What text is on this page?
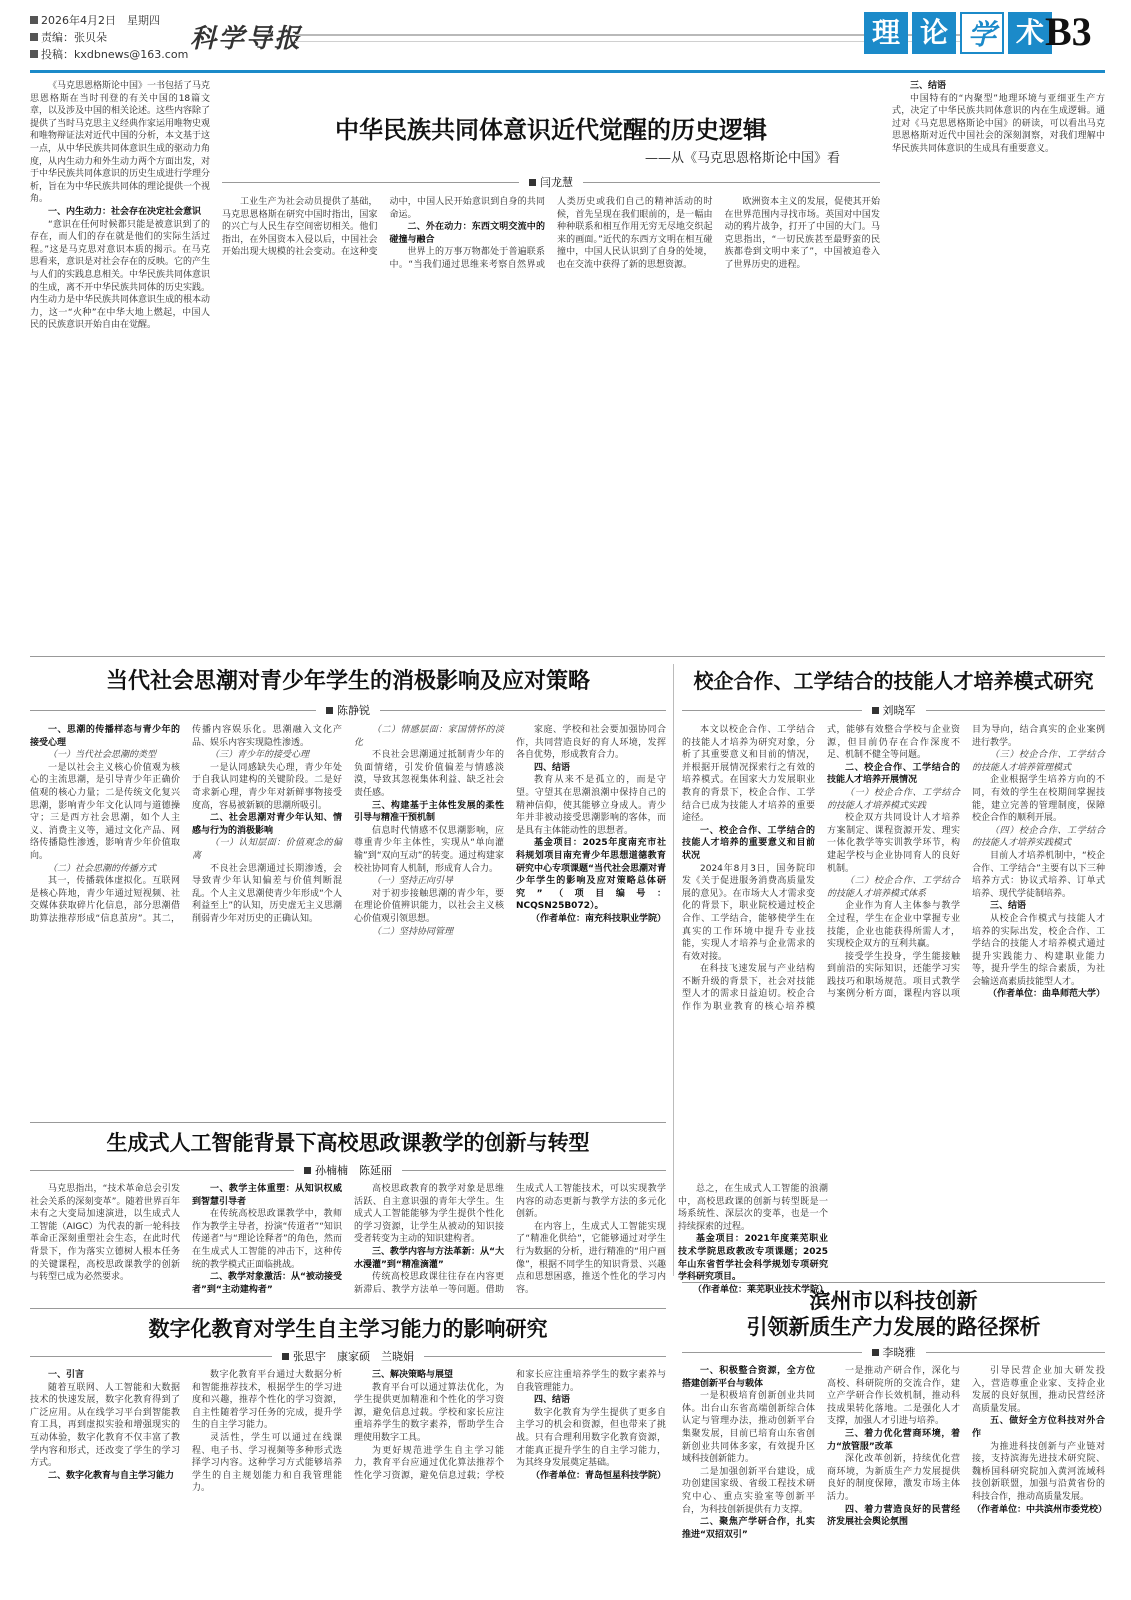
2026年4月2日　星期四
责编：张贝朵
投稿：kxdbnews@163.com
科学导报	理 论 学 术 B3

《马克思恩格斯论中国》一书包括了马克思恩格斯在当时刊登的有关中国的18篇文章，以及涉及中国的相关论述。这些内容除了提供了当时马克思主义经典作家运用唯物史观和唯物辩证法对近代中国的分析，本文基于这一点，从中华民族共同体意识生成的驱动力角度，从内生动力和外生动力两个方面出发，对于中华民族共同体意识的历史生成进行学理分析，旨在为中华民族共同体的理论提供一个视角。

一、内生动力：社会存在决定社会意识

“意识在任何时候都只能是被意识到了的存在，而人们的存在就是他们的实际生活过程。”这是马克思对意识本质的揭示。在马克思看来，意识是对社会存在的反映。它的产生与人们的实践息息相关。中华民族共同体意识的生成，离不开中华民族共同体的历史实践。内生动力是中华民族共同体意识生成的根本动力，这一“火种”在中华大地上燃起，中国人民的民族意识开始自由在觉醒。

中华民族共同体意识近代觉醒的历史逻辑
——从《马克思恩格斯论中国》看
闫龙慧

工业生产为社会动员提供了基础，马克思恩格斯在研究中国时指出，国家的兴亡与人民生存空间密切相关。他们指出，在外国资本入侵以后，中国社会开始出现大规模的社会变动。在这种变动中，中国人民开始意识到自身的共同命运。

二、外在动力：东西文明交流中的碰撞与融合

世界上的万事万物都处于普遍联系中。“当我们通过思维来考察自然界或人类历史或我们自己的精神活动的时候，首先呈现在我们眼前的，是一幅由种种联系和相互作用无穷无尽地交织起来的画面。”近代的东西方文明在相互碰撞中，中国人民认识到了自身的处境，也在交流中获得了新的思想资源。

欧洲资本主义的发展，促使其开始在世界范围内寻找市场。英国对中国发动的鸦片战争，打开了中国的大门。马克思指出，“一切民族甚至最野蛮的民族都卷到文明中来了”，中国被迫卷入了世界历史的进程。

三、结语

中国特有的“内聚型”地理环境与亚细亚生产方式，决定了中华民族共同体意识的内在生成逻辑。通过对《马克思恩格斯论中国》的研读，可以看出马克思恩格斯对近代中国社会的深刻洞察，对我们理解中华民族共同体意识的生成具有重要意义。

当代社会思潮对青少年学生的消极影响及应对策略
陈静锐

一、思潮的传播样态与青少年的接受心理

（一）当代社会思潮的类型

一是以社会主义核心价值观为核心的主流思潮，是引导青少年正确价值观的核心力量；二是传统文化复兴思潮，影响青少年文化认同与道德操守；三是西方社会思潮，如个人主义、消费主义等，通过文化产品、网络传播隐性渗透，影响青少年价值取向。

（二）社会思潮的传播方式

其一，传播载体虚拟化。互联网是核心阵地，青少年通过短视频、社交媒体获取碎片化信息，部分思潮借助算法推荐形成“信息茧房”。其二，传播内容娱乐化。思潮融入文化产品、娱乐内容实现隐性渗透。

（三）青少年的接受心理

一是认同感缺失心理，青少年处于自我认同建构的关键阶段。二是好奇求新心理，青少年对新鲜事物接受度高，容易被新颖的思潮所吸引。

二、社会思潮对青少年认知、情感与行为的消极影响

（一）认知层面：价值观念的偏离

不良社会思潮通过长期渗透，会导致青少年认知偏差与价值判断混乱。个人主义思潮使青少年形成“个人利益至上”的认知，历史虚无主义思潮削弱青少年对历史的正确认知。

（二）情感层面：家国情怀的淡化

不良社会思潮通过抵制青少年的负面情绪，引发价值偏差与情感淡漠，导致其忽视集体利益、缺乏社会责任感。

三、构建基于主体性发展的柔性引导与精准干预机制

信息时代情感不仅思潮影响，应尊重青少年主体性，实现从“单向灌输”到“双向互动”的转变。通过构建家校社协同育人机制，形成育人合力。

（一）坚持正向引导

对于初步接触思潮的青少年，要在理论价值辨识能力，以社会主义核心价值观引领思想。

（二）坚持协同管理

家庭、学校和社会要加强协同合作，共同营造良好的育人环境，发挥各自优势，形成教育合力。

四、结语

教育从来不是孤立的，而是守望。守望其在思潮浪潮中保持自己的精神信仰，使其能够立身成人。青少年并非被动接受思潮影响的客体，而是具有主体能动性的思想者。

基金项目：2025年度南充市社科规划项目南充青少年思想道德教育研究中心专项课题“当代社会思潮对青少年学生的影响及应对策略总体研究”（项目编号：NCQSN25B072）。

（作者单位：南充科技职业学院）

校企合作、工学结合的技能人才培养模式研究
刘晓军

本文以校企合作、工学结合的技能人才培养为研究对象，分析了其重要意义和目前的情况，并根据开展情况探索行之有效的培养模式。在国家大力发展职业教育的背景下，校企合作、工学结合已成为技能人才培养的重要途径。

一、校企合作、工学结合的技能人才培养的重要意义和目前状况

2024年8月3日，国务院印发《关于促进服务消费高质量发展的意见》。在市场大人才需求变化的背景下，职业院校通过校企合作、工学结合，能够使学生在真实的工作环境中提升专业技能，实现人才培养与企业需求的有效对接。

在科技飞速发展与产业结构不断升级的背景下，社会对技能型人才的需求日益迫切。校企合作作为职业教育的核心培养模式，能够有效整合学校与企业资源，但目前仍存在合作深度不足、机制不健全等问题。

二、校企合作、工学结合的技能人才培养开展情况

（一）校企合作、工学结合的技能人才培养模式实践

校企双方共同设计人才培养方案制定、课程资源开发、理实一体化教学等实训教学环节，构建起学校与企业协同育人的良好机制。

（二）校企合作、工学结合的技能人才培养模式体系

企业作为育人主体参与教学全过程，学生在企业中掌握专业技能，企业也能获得所需人才，实现校企双方的互利共赢。

接受学生投身，学生能接触到前沿的实际知识，还能学习实践技巧和职场规范。项目式教学与案例分析方面，课程内容以项目为导向，结合真实的企业案例进行教学。

（三）校企合作、工学结合的技能人才培养管理模式

企业根据学生培养方向的不同，有效的学生在校期间掌握技能，建立完善的管理制度，保障校企合作的顺利开展。

（四）校企合作、工学结合的技能人才培养实践模式

目前人才培养机制中，“校企合作、工学结合”主要有以下三种培养方式：协议式培养、订单式培养、现代学徒制培养。

三、结语

从校企合作模式与技能人才培养的实际出发，校企合作、工学结合的技能人才培养模式通过提升实践能力、构建职业能力等，提升学生的综合素质，为社会输送高素质技能型人才。

（作者单位：曲阜师范大学）

生成式人工智能背景下高校思政课教学的创新与转型
孙楠楠　陈延丽

马克思指出，“技术革命总会引发社会关系的深刻变革”。随着世界百年未有之大变局加速演进，以生成式人工智能（AIGC）为代表的新一轮科技革命正深刻重塑社会生态，在此时代背景下，作为落实立德树人根本任务的关键课程，高校思政课教学的创新与转型已成为必然要求。

一、教学主体重塑：从知识权威到智慧引导者

在传统高校思政课教学中，教师作为教学主导者，扮演“传道者”“知识传递者”与“理论诠释者”的角色，然而在生成式人工智能的冲击下，这种传统的教学模式正面临挑战。

二、教学对象激活：从“被动接受者”到“主动建构者”

高校思政教育的教学对象是思维活跃、自主意识强的青年大学生。生成式人工智能能够为学生提供个性化的学习资源，让学生从被动的知识接受者转变为主动的知识建构者。

三、教学内容与方法革新：从“大水漫灌”到“精准滴灌”

传统高校思政课往往存在内容更新滞后、教学方法单一等问题。借助生成式人工智能技术，可以实现教学内容的动态更新与教学方法的多元化创新。

在内容上，生成式人工智能实现了“精准化供给”，它能够通过对学生行为数据的分析，进行精准的“用户画像”，根据不同学生的知识背景、兴趣点和思想困惑，推送个性化的学习内容。

总之，在生成式人工智能的浪潮中，高校思政课的创新与转型既是一场系统性、深层次的变革，也是一个持续探索的过程。

基金项目：2021年度莱芜职业技术学院思政教改专项课题；2025年山东省哲学社会科学规划专项研究学科研究项目。

（作者单位：莱芜职业技术学院）

滨州市以科技创新
引领新质生产力发展的路径探析
李晓雅

一、积极整合资源，全方位搭建创新平台与载体

一是积极培育创新创业共同体。出台山东省高端创新综合体认定与管理办法，推动创新平台集聚发展，目前已培育山东省创新创业共同体多家，有效提升区域科技创新能力。

二是加强创新平台建设，成功创建国家级、省级工程技术研究中心、重点实验室等创新平台，为科技创新提供有力支撑。

二、聚焦产学研合作，扎实推进“双招双引”

一是推动产研合作，深化与高校、科研院所的交流合作，建立产学研合作长效机制，推动科技成果转化落地。二是强化人才支撑，加强人才引进与培养。

三、着力优化营商环境，着力“放管服”改革

深化改革创新，持续优化营商环境，为新质生产力发展提供良好的制度保障，激发市场主体活力。

四、着力营造良好的民营经济发展社会舆论氛围

引导民营企业加大研发投入，营造尊重企业家、支持企业发展的良好氛围，推动民营经济高质量发展。

五、做好全方位科技对外合作

为推进科技创新与产业链对接，支持滨海先进技术研究院、魏桥国科研究院加入黄河流域科技创新联盟，加强与沿黄省份的科技合作，推动高质量发展。

（作者单位：中共滨州市委党校）

数字化教育对学生自主学习能力的影响研究
张思宇　康家硕　兰晓娟

一、引言

随着互联网、人工智能和大数据技术的快速发展，数字化教育得到了广泛应用。从在线学习平台到智能教育工具，再到虚拟实验和增强现实的互动体验，数字化教育不仅丰富了教学内容和形式，还改变了学生的学习方式。

二、数字化教育与自主学习能力

数字化教育平台通过大数据分析和智能推荐技术，根据学生的学习进度和兴趣，推荐个性化的学习资源，自主性随着学习任务的完成，提升学生的自主学习能力。

灵活性，学生可以通过在线课程、电子书、学习视频等多种形式选择学习内容。这种学习方式能够培养学生的自主规划能力和自我管理能力。

三、解决策略与展望

教育平台可以通过算法优化，为学生提供更加精准和个性化的学习资源，避免信息过载。学校和家长应注重培养学生的数字素养，帮助学生合理使用数字工具。

为更好规范进学生自主学习能力，教育平台应通过优化算法推荐个性化学习资源，避免信息过载；学校和家长应注重培养学生的数字素养与自我管理能力。

四、结语

数字化教育为学生提供了更多自主学习的机会和资源，但也带来了挑战。只有合理利用数字化教育资源，才能真正提升学生的自主学习能力，为其终身发展奠定基础。

（作者单位：青岛恒星科技学院）
